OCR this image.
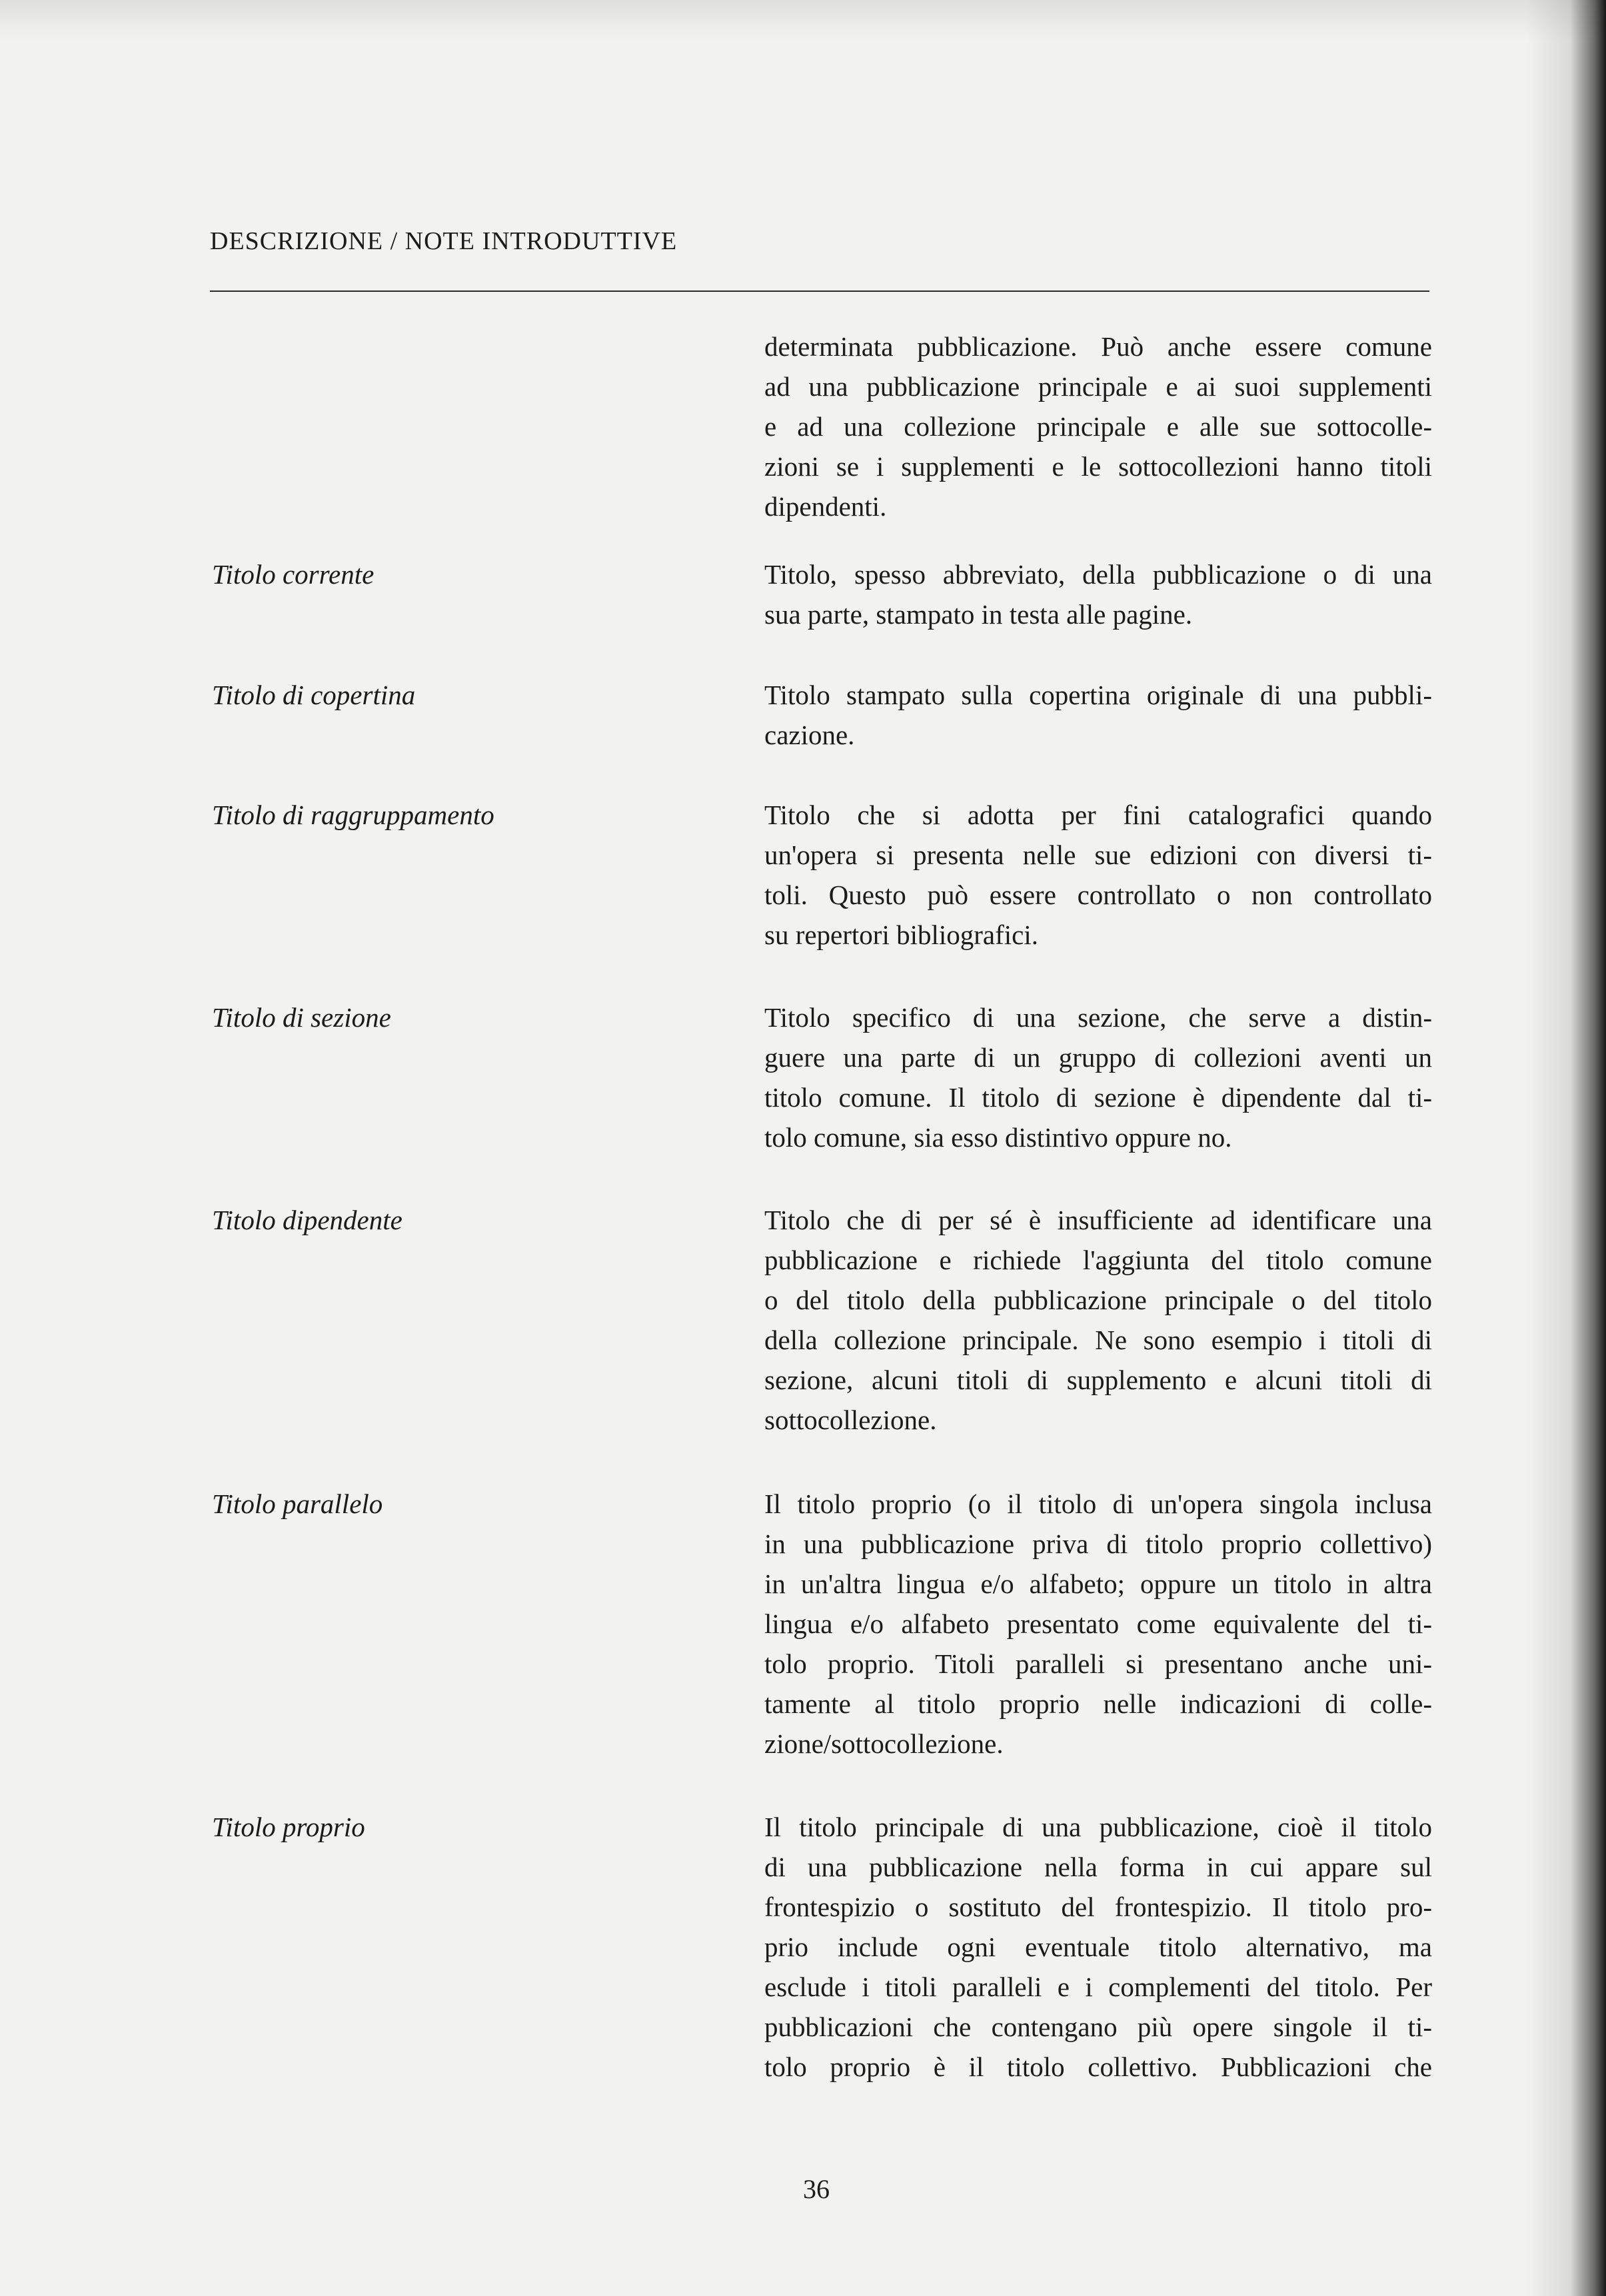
DESCRIZIONE / NOTE INTRODUTTIVE
determinata pubblicazione. Può anche essere comune
ad una pubblicazione principale e ai suoi supplementi
e ad una collezione principale e alle sue sottocolle-
zioni se i supplementi e le sottocollezioni hanno titoli
dipendenti.
Titolo corrente	Titolo, spesso abbreviato, della pubblicazione o di una
sua parte, stampato in testa alle pagine.
Titolo di copertina	Titolo stampato sulla copertina originale di una pubbli-
cazione.
Titolo di raggruppamento	Titolo che si adotta per fini catalografici quando
un'opera si presenta nelle sue edizioni con diversi ti-
toli. Questo può essere controllato o non controllato
su repertori bibliografici.
Titolo di sezione	Titolo specifico di una sezione, che serve a distin-
guere una parte di un gruppo di collezioni aventi un
titolo comune. Il titolo di sezione è dipendente dal ti-
tolo comune, sia esso distintivo oppure no.
Titolo dipendente	Titolo che di per sé è insufficiente ad identificare una
pubblicazione e richiede l'aggiunta del titolo comune
o del titolo della pubblicazione principale o del titolo
della collezione principale. Ne sono esempio i titoli di
sezione, alcuni titoli di supplemento e alcuni titoli di
sottocollezione.
Titolo parallelo	Il titolo proprio (o il titolo di un'opera singola inclusa
in una pubblicazione priva di titolo proprio collettivo)
in un'altra lingua e/o alfabeto; oppure un titolo in altra
lingua e/o alfabeto presentato come equivalente del ti-
tolo proprio. Titoli paralleli si presentano anche uni-
tamente al titolo proprio nelle indicazioni di colle-
zione/sottocollezione.
Titolo proprio	Il titolo principale di una pubblicazione, cioè il titolo
di una pubblicazione nella forma in cui appare sul
frontespizio o sostituto del frontespizio. Il titolo pro-
prio include ogni eventuale titolo alternativo, ma
esclude i titoli paralleli e i complementi del titolo. Per
pubblicazioni che contengano più opere singole il ti-
tolo proprio è il titolo collettivo. Pubblicazioni che
36
